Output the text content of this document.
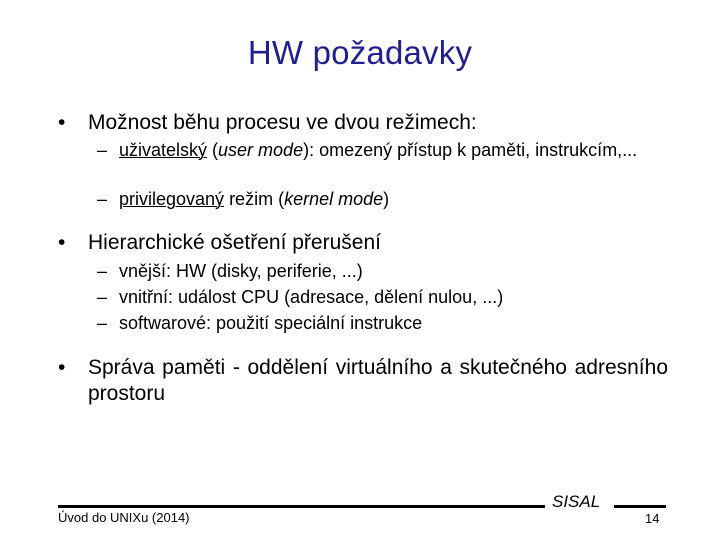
HW požadavky
•	Možnost běhu procesu ve dvou režimech:
– uživatelský (user mode): omezený přístup k paměti, instrukcím,...
– privilegovaný režim (kernel mode)
•	Hierarchické ošetření přerušení
– vnější: HW (disky, periferie, ...)
– vnitřní: událost CPU (adresace, dělení nulou, ...)
– softwarové: použití speciální instrukce
•	Správa paměti - oddělení virtuálního a skutečného adresního prostoru
Úvod do UNIXu (2014)
SISAL
14
